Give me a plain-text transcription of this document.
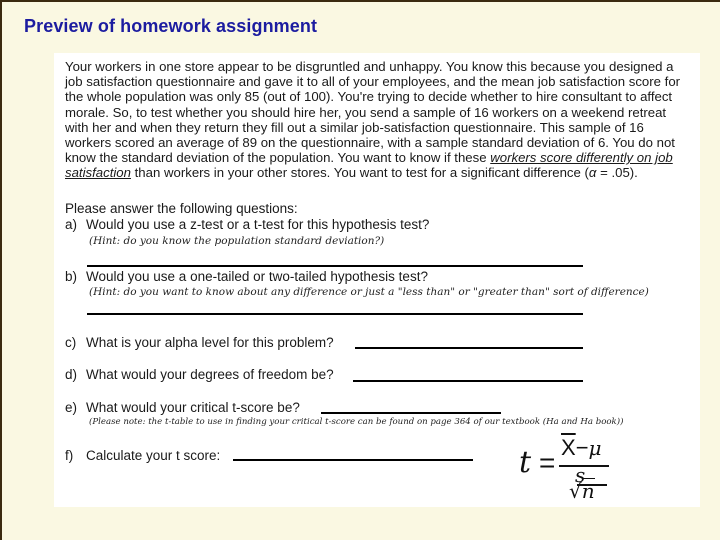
Preview of homework assignment

Your workers in one store appear to be disgruntled and unhappy. You know this because you designed a job satisfaction questionnaire and gave it to all of your employees, and the mean job satisfaction score for the whole population was only 85 (out of 100). You're trying to decide whether to hire consultant to affect morale. So, to test whether you should hire her, you send a sample of 16 workers on a weekend retreat with her and when they return they fill out a similar job-satisfaction questionnaire. This sample of 16 workers scored an average of 89 on the questionnaire, with a sample standard deviation of 6. You do not know the standard deviation of the population. You want to know if these workers score differently on job satisfaction than workers in your other stores. You want to test for a significant difference (α = .05).

Please answer the following questions:
a) Would you use a z-test or a t-test for this hypothesis test?
(Hint: do you know the population standard deviation?)
b) Would you use a one-tailed or two-tailed hypothesis test?
(Hint: do you want to know about any difference or just a "less than" or "greater than" sort of difference)
c) What is your alpha level for this problem?
d) What would your degrees of freedom be?
e) What would your critical t-score be?
(Please note: the t-table to use in finding your critical t-score can be found on page 364 of our textbook (Ha and Ha book))
f) Calculate your t score:	$t = \overline{X}-\mu$
s
√n
